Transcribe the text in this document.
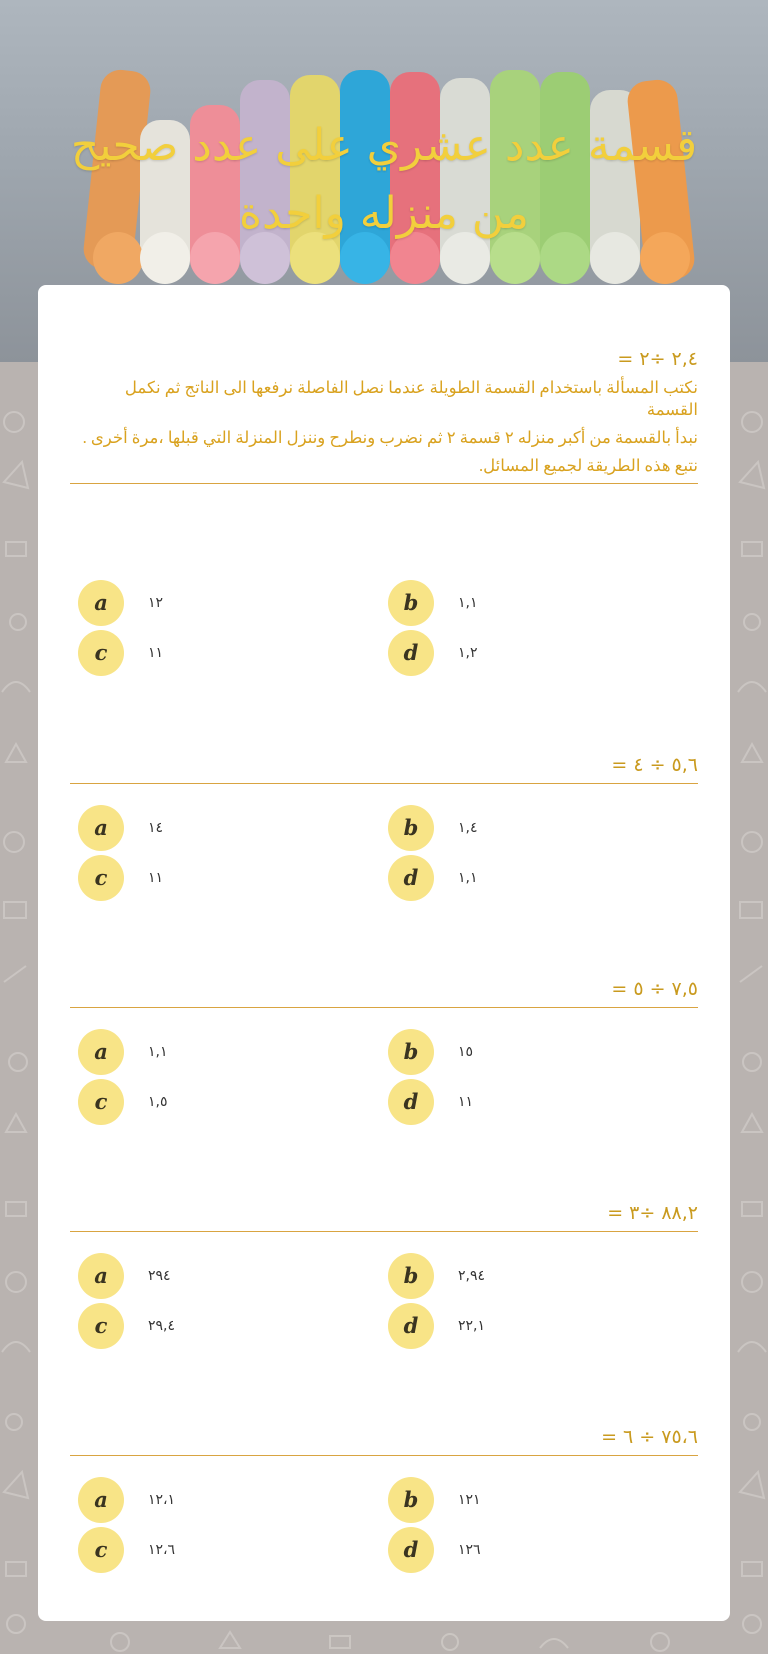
قسمة عدد عشري على عدد صحيح
من منزله واحدة
٢,٤ ÷٢ =
نكتب المسألة باستخدام القسمة الطويلة عندما نصل الفاصلة نرفعها الى الناتج ثم نكمل القسمة
نبدأ بالقسمة من أكبر منزله ٢ قسمة ٢ ثم نضرب ونطرح وننزل المنزلة التي قبلها ،مرة أخرى .
نتبع هذه الطريقة لجميع المسائل.
a	١٢	b	١,١
c	١١	d	١,٢
٥,٦ ÷ ٤ =
a	١٤	b	١,٤
c	١١	d	١,١
٧,٥ ÷ ٥ =
a	١,١	b	١٥
c	١,٥	d	١١
٨٨,٢ ÷٣ =
a	٢٩٤	b	٢,٩٤
c	٢٩,٤	d	٢٢,١
٧٥،٦ ÷ ٦ =
a	١٢،١	b	١٢١
c	١٢،٦	d	١٢٦
